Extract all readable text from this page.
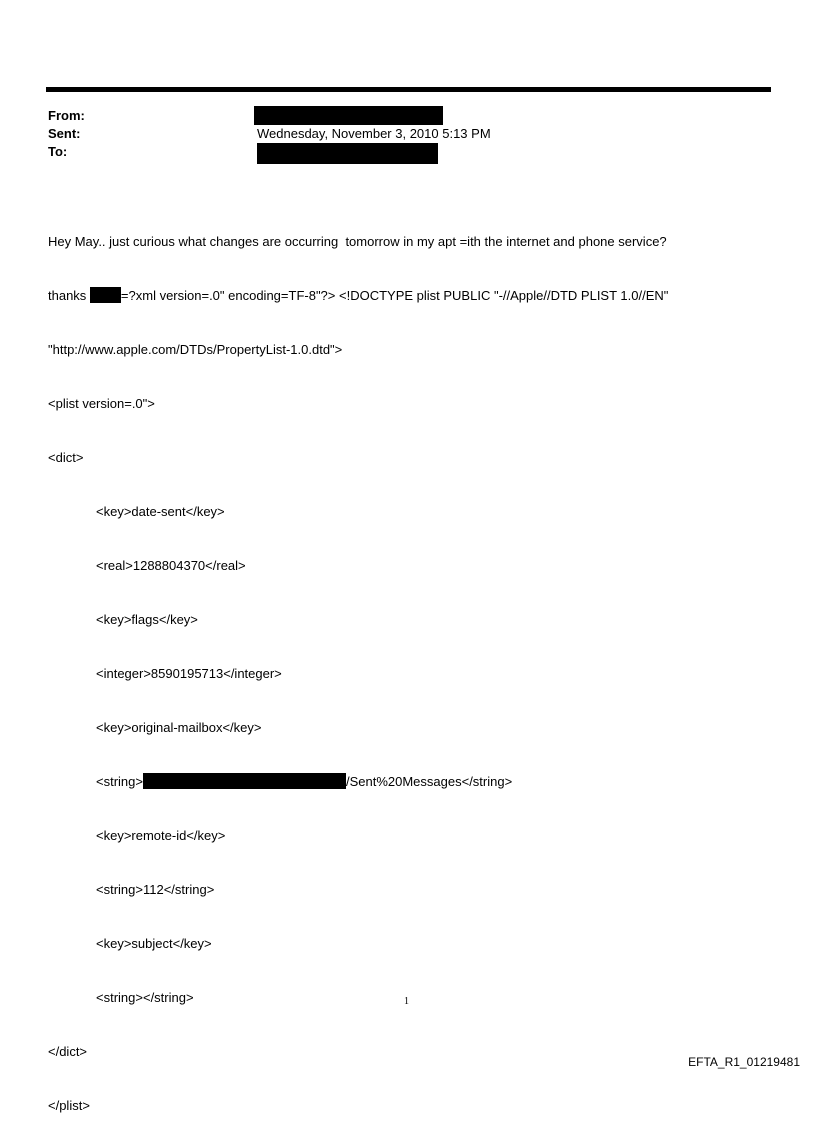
From:
Sent:	Wednesday, November 3, 2010 5:13 PM
To:

Hey May.. just curious what changes are occurring  tomorrow in my apt =ith the internet and phone service?

thanks =?xml version=.0" encoding=TF-8"?> <!DOCTYPE plist PUBLIC "-//Apple//DTD PLIST 1.0//EN"

"http://www.apple.com/DTDs/PropertyList-1.0.dtd">

<plist version=.0">

<dict>

<key>date-sent</key>

<real>1288804370</real>

<key>flags</key>

<integer>8590195713</integer>

<key>original-mailbox</key>

<string>	/Sent%20Messages</string>

<key>remote-id</key>

<string>112</string>

<key>subject</key>

<string></string>

</dict>

</plist>

1
EFTA_R1_01219481
